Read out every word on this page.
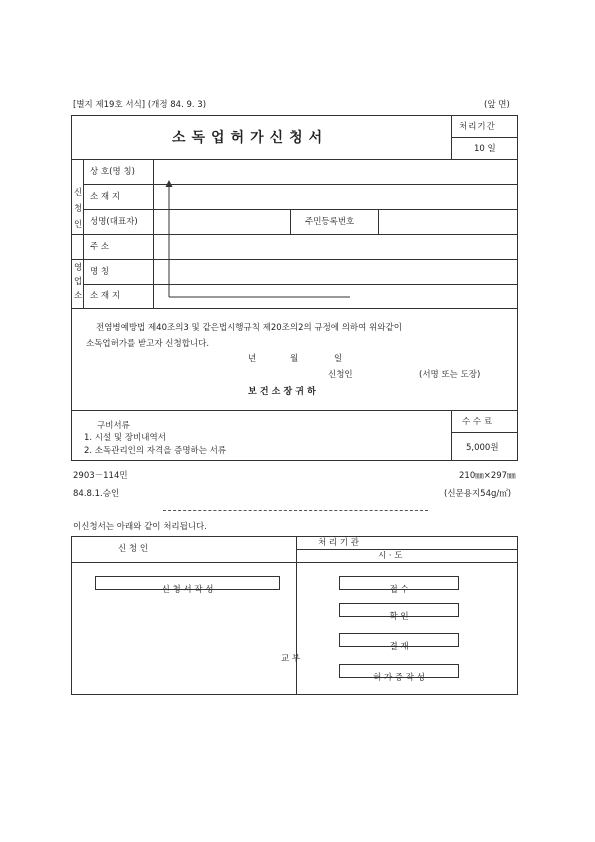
[별지 제19호 서식] (개정 84. 9. 3)	(앞 면)
소독업허가신청서
처리기간
10 일
신
청
인
영
업
소
상 호(명 칭)
소 재 지
성명(대표자)	주민등록번호
주 소
명 칭
소 재 지
전염병예방법 제40조의3 및 같은법시행규칙 제20조의2의 규정에 의하여 위와같이
소독업허가를 받고자 신청합니다.
년	월	일
신청인	(서명 또는 도장)
보 건 소 장 귀 하
구비서류
1. 시설 및 장비내역서
2. 소독관리인의 자격을 증명하는 서류
수 수 료
5,000원
2903－114민
84.8.1.승인
210㎜×297㎜
(신문용지54g/㎡)
이신청서는 아래와 같이 처리됩니다.
신 청 인
처 리 기 관
시 · 도
신 청 서 작 성	접 수
확 인
결 재
허 가 증 작 성
교 부
